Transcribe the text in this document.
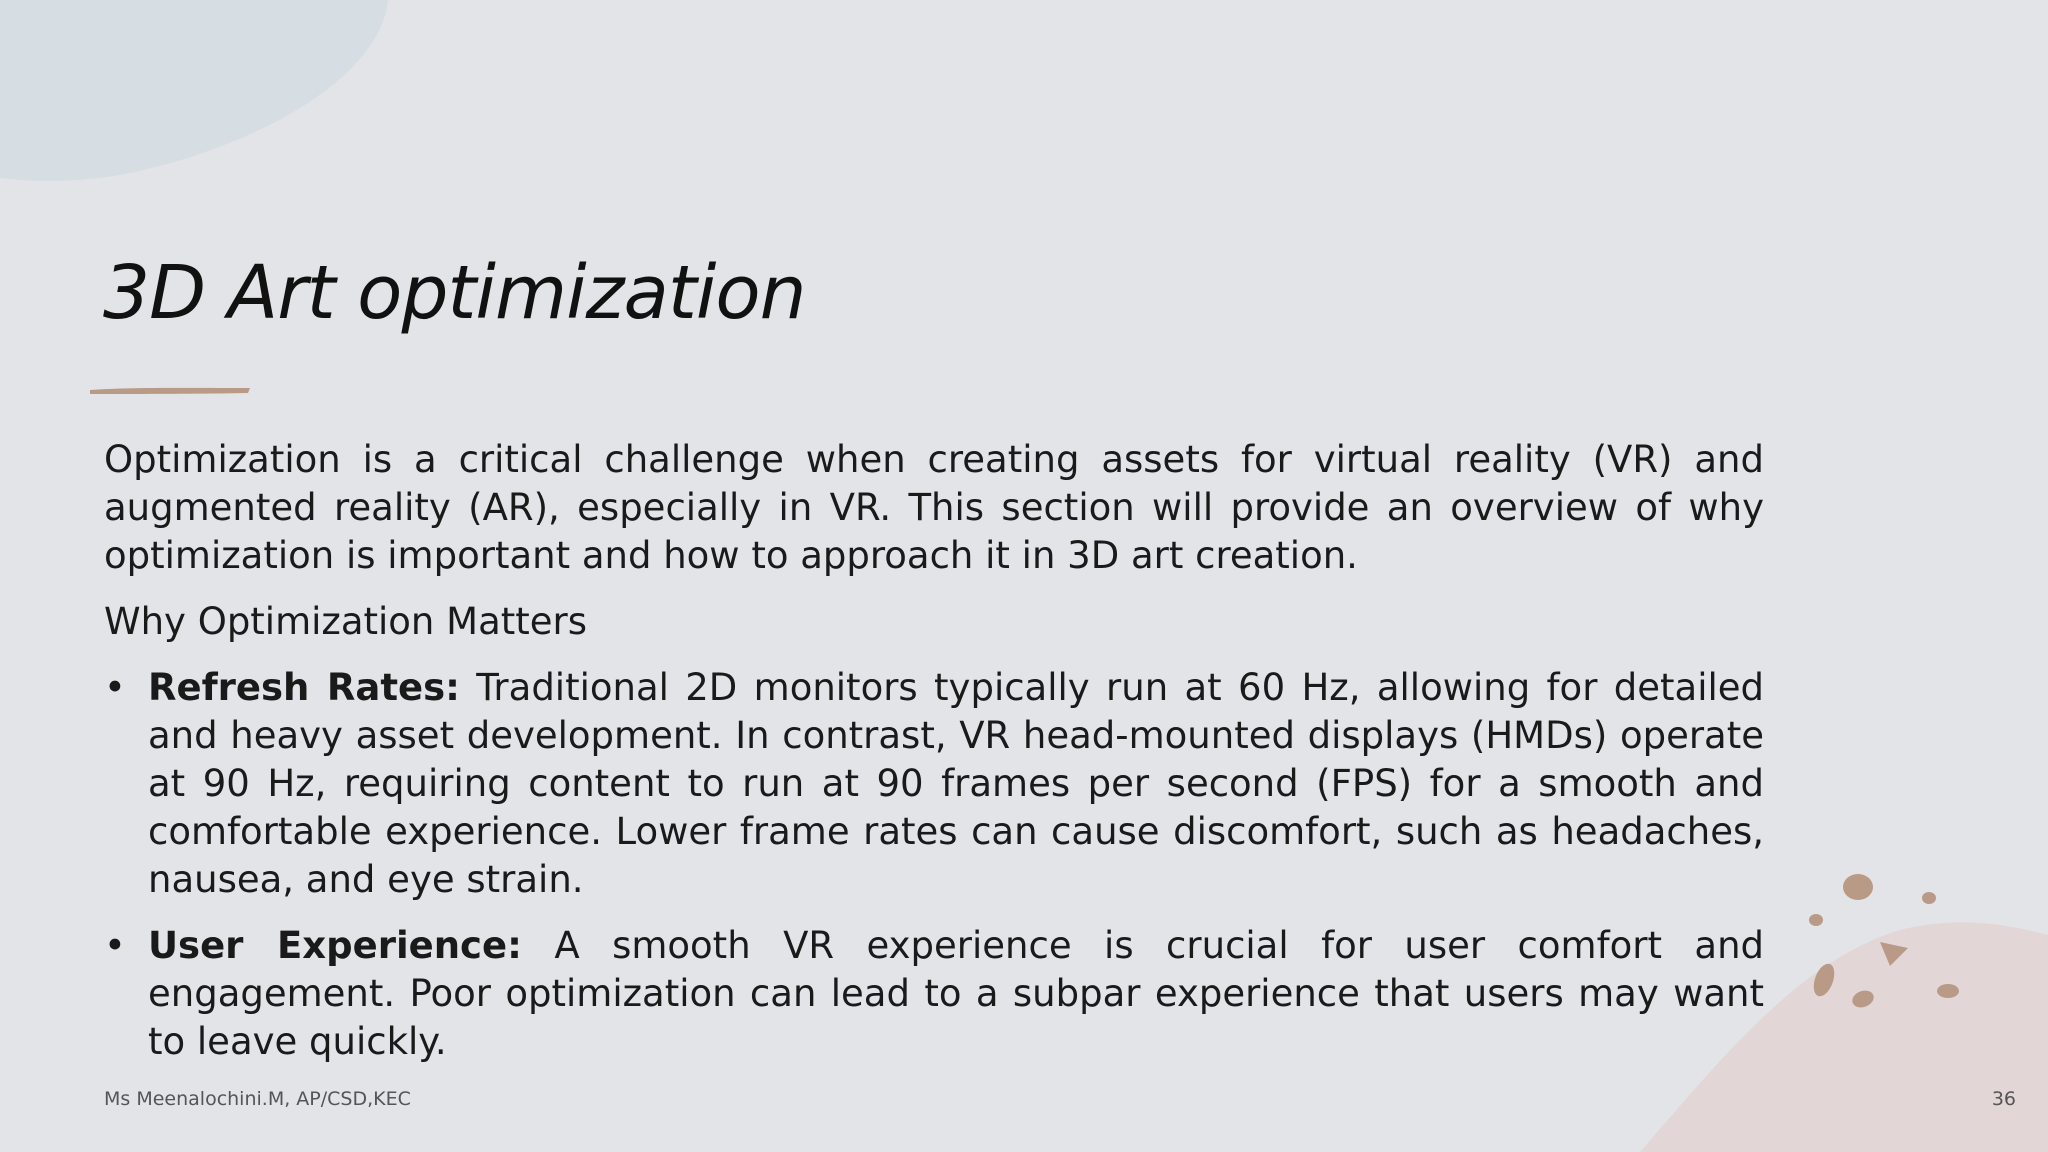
3D Art optimization

Optimization is a critical challenge when creating assets for virtual reality (VR) and augmented reality (AR), especially in VR. This section will provide an overview of why optimization is important and how to approach it in 3D art creation.

Why Optimization Matters

• Refresh Rates: Traditional 2D monitors typically run at 60 Hz, allowing for detailed and heavy asset development. In contrast, VR head-mounted displays (HMDs) operate at 90 Hz, requiring content to run at 90 frames per second (FPS) for a smooth and comfortable experience. Lower frame rates can cause discomfort, such as headaches, nausea, and eye strain.
• User Experience: A smooth VR experience is crucial for user comfort and engagement. Poor optimization can lead to a subpar experience that users may want to leave quickly.
Ms Meenalochini.M, AP/CSD,KEC	36
